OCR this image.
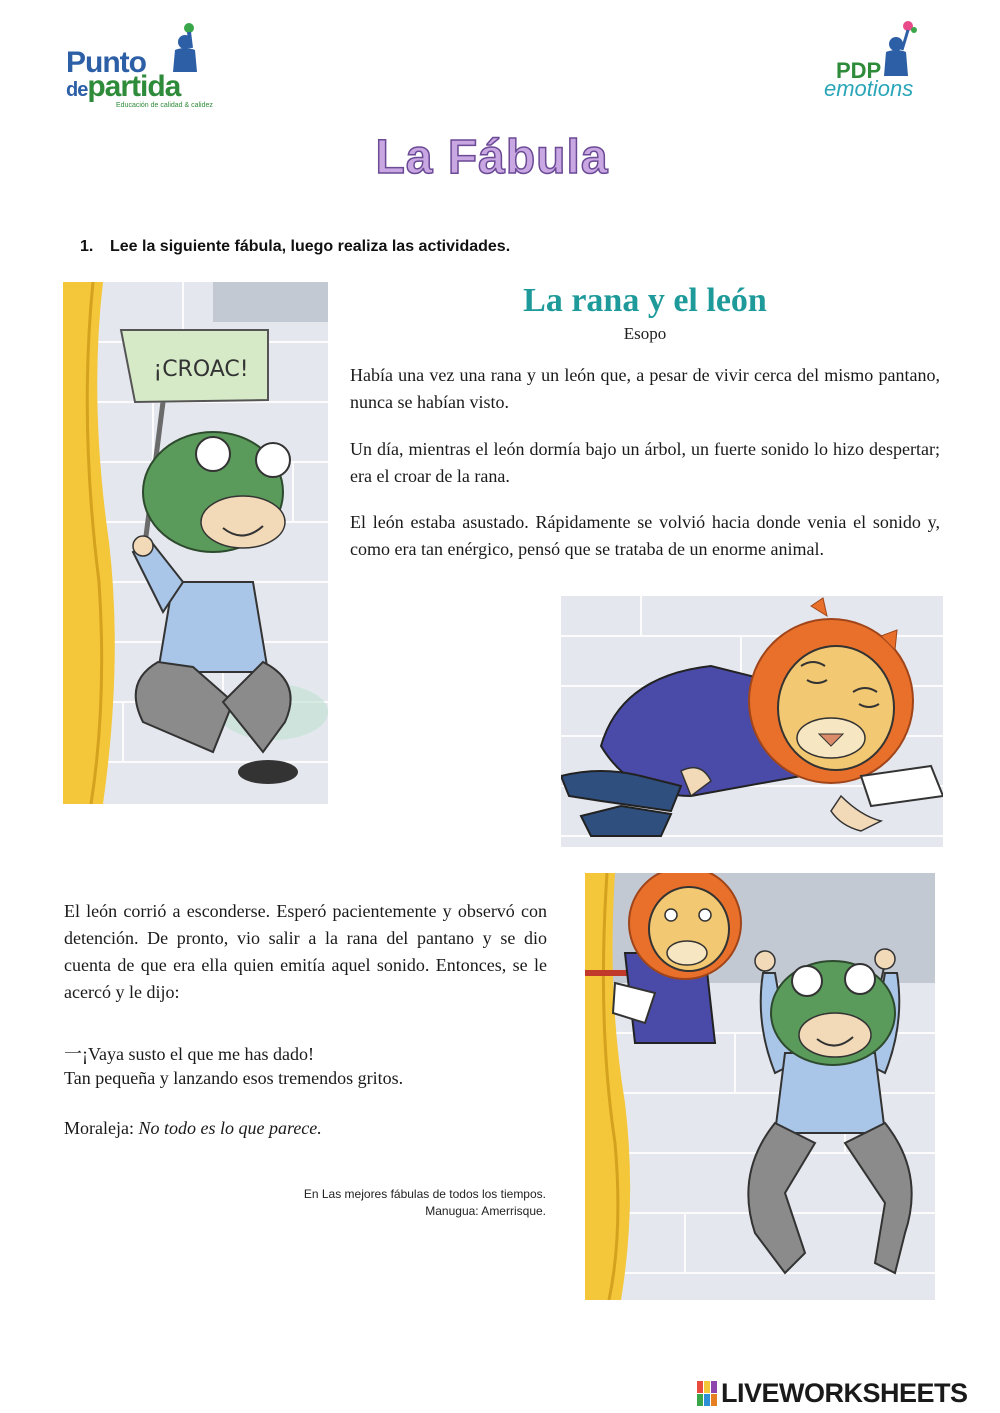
Punto
departida
Educación de calidad & calidez
PDP
emotions
La Fábula
1. Lee la siguiente fábula, luego realiza las actividades.
¡CROAC!
La rana y el león
Esopo

Había una vez una rana y un león que, a pesar de vivir cerca del mismo pantano, nunca se habían visto.

Un día, mientras el león dormía bajo un árbol, un fuerte sonido lo hizo despertar; era el croar de la rana.

El león estaba asustado. Rápidamente se volvió hacia donde venia el sonido y, como era tan enérgico, pensó que se trataba de un enorme animal.

El león corrió a esconderse. Esperó pacientemente y observó con detención. De pronto, vio salir a la rana del pantano y se dio cuenta de que era ella quien emitía aquel sonido. Entonces, se le acercó y le dijo:

一¡Vaya susto el que me has dado!
Tan pequeña y lanzando esos tremendos gritos.
Moraleja: No todo es lo que parece.
En Las mejores fábulas de todos los tiempos.
Manugua: Amerrisque.
LIVEWORKSHEETS
